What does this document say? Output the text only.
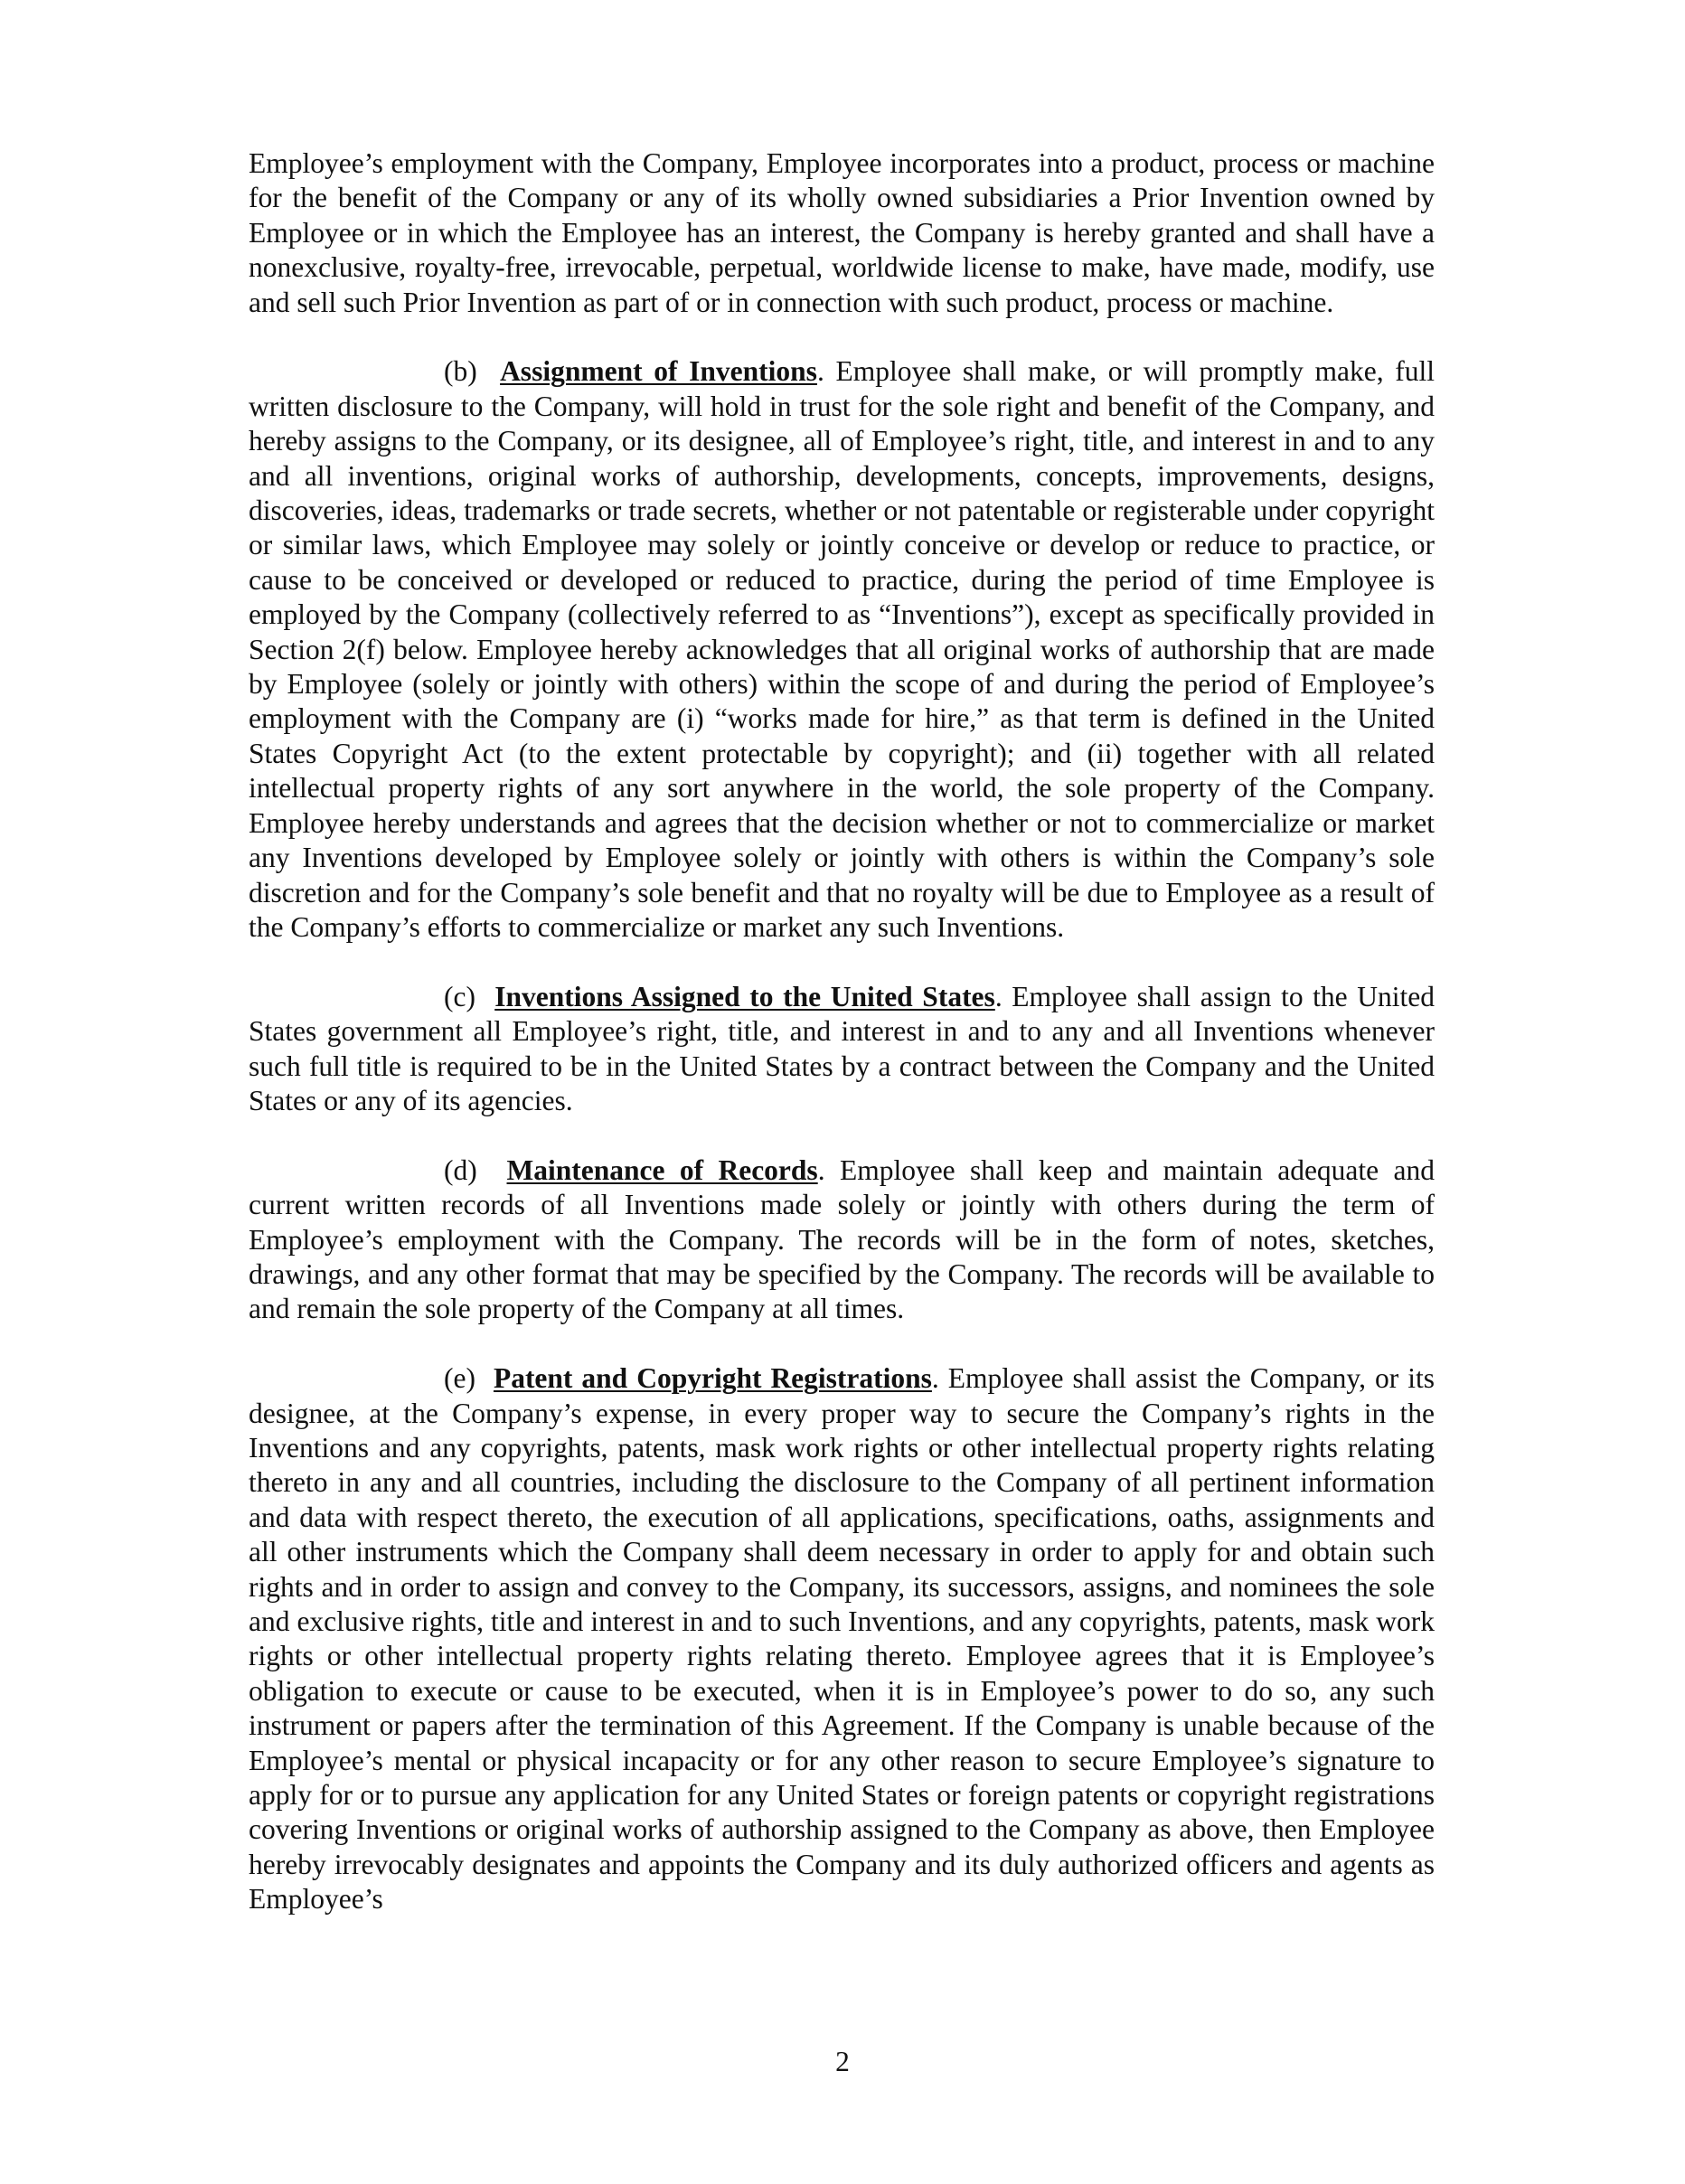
Employee’s employment with the Company, Employee incorporates into a product, process or machine for the benefit of the Company or any of its wholly owned subsidiaries a Prior Invention owned by Employee or in which the Employee has an interest, the Company is hereby granted and shall have a nonexclusive, royalty-free, irrevocable, perpetual, worldwide license to make, have made, modify, use and sell such Prior Invention as part of or in connection with such product, process or machine.

(b) Assignment of Inventions. Employee shall make, or will promptly make, full written disclosure to the Company, will hold in trust for the sole right and benefit of the Company, and hereby assigns to the Company, or its designee, all of Employee’s right, title, and interest in and to any and all inventions, original works of authorship, developments, concepts, improvements, designs, discoveries, ideas, trademarks or trade secrets, whether or not patentable or registerable under copyright or similar laws, which Employee may solely or jointly conceive or develop or reduce to practice, or cause to be conceived or developed or reduced to practice, during the period of time Employee is employed by the Company (collectively referred to as “Inventions”), except as specifically provided in Section 2(f) below. Employee hereby acknowledges that all original works of authorship that are made by Employee (solely or jointly with others) within the scope of and during the period of Employee’s employment with the Company are (i) “works made for hire,” as that term is defined in the United States Copyright Act (to the extent protectable by copyright); and (ii) together with all related intellectual property rights of any sort anywhere in the world, the sole property of the Company. Employee hereby understands and agrees that the decision whether or not to commercialize or market any Inventions developed by Employee solely or jointly with others is within the Company’s sole discretion and for the Company’s sole benefit and that no royalty will be due to Employee as a result of the Company’s efforts to commercialize or market any such Inventions.

(c) Inventions Assigned to the United States. Employee shall assign to the United States government all Employee’s right, title, and interest in and to any and all Inventions whenever such full title is required to be in the United States by a contract between the Company and the United States or any of its agencies.

(d) Maintenance of Records. Employee shall keep and maintain adequate and current written records of all Inventions made solely or jointly with others during the term of Employee’s employment with the Company. The records will be in the form of notes, sketches, drawings, and any other format that may be specified by the Company. The records will be available to and remain the sole property of the Company at all times.

(e) Patent and Copyright Registrations. Employee shall assist the Company, or its designee, at the Company’s expense, in every proper way to secure the Company’s rights in the Inventions and any copyrights, patents, mask work rights or other intellectual property rights relating thereto in any and all countries, including the disclosure to the Company of all pertinent information and data with respect thereto, the execution of all applications, specifications, oaths, assignments and all other instruments which the Company shall deem necessary in order to apply for and obtain such rights and in order to assign and convey to the Company, its successors, assigns, and nominees the sole and exclusive rights, title and interest in and to such Inventions, and any copyrights, patents, mask work rights or other intellectual property rights relating thereto. Employee agrees that it is Employee’s obligation to execute or cause to be executed, when it is in Employee’s power to do so, any such instrument or papers after the termination of this Agreement. If the Company is unable because of the Employee’s mental or physical incapacity or for any other reason to secure Employee’s signature to apply for or to pursue any application for any United States or foreign patents or copyright registrations covering Inventions or original works of authorship assigned to the Company as above, then Employee hereby irrevocably designates and appoints the Company and its duly authorized officers and agents as Employee’s

2
